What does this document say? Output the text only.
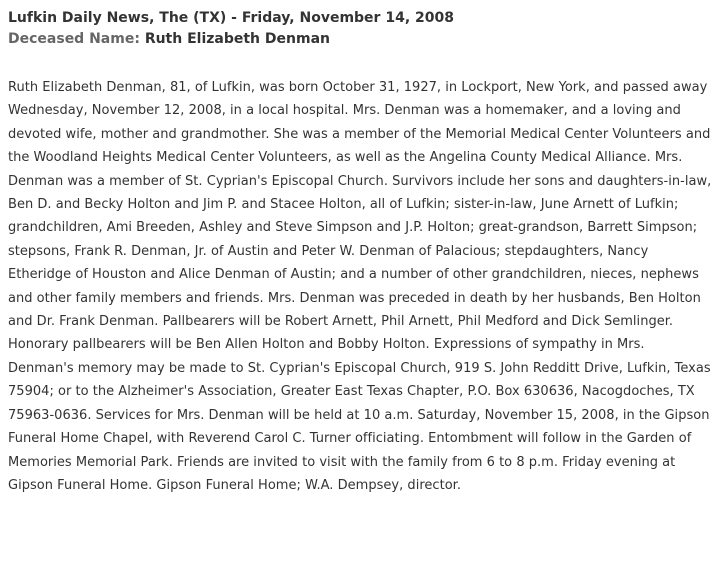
Lufkin Daily News, The (TX) - Friday, November 14, 2008
Deceased Name: Ruth Elizabeth Denman

Ruth Elizabeth Denman, 81, of Lufkin, was born October 31, 1927, in Lockport, New York, and passed away Wednesday, November 12, 2008, in a local hospital. Mrs. Denman was a homemaker, and a loving and devoted wife, mother and grandmother. She was a member of the Memorial Medical Center Volunteers and the Woodland Heights Medical Center Volunteers, as well as the Angelina County Medical Alliance. Mrs. Denman was a member of St. Cyprian's Episcopal Church. Survivors include her sons and daughters-in-law, Ben D. and Becky Holton and Jim P. and Stacee Holton, all of Lufkin; sister-in-law, June Arnett of Lufkin; grandchildren, Ami Breeden, Ashley and Steve Simpson and J.P. Holton; great-grandson, Barrett Simpson; stepsons, Frank R. Denman, Jr. of Austin and Peter W. Denman of Palacious; stepdaughters, Nancy Etheridge of Houston and Alice Denman of Austin; and a number of other grandchildren, nieces, nephews and other family members and friends. Mrs. Denman was preceded in death by her husbands, Ben Holton and Dr. Frank Denman. Pallbearers will be Robert Arnett, Phil Arnett, Phil Medford and Dick Semlinger. Honorary pallbearers will be Ben Allen Holton and Bobby Holton. Expressions of sympathy in Mrs. Denman's memory may be made to St. Cyprian's Episcopal Church, 919 S. John Redditt Drive, Lufkin, Texas 75904; or to the Alzheimer's Association, Greater East Texas Chapter, P.O. Box 630636, Nacogdoches, TX 75963-0636. Services for Mrs. Denman will be held at 10 a.m. Saturday, November 15, 2008, in the Gipson Funeral Home Chapel, with Reverend Carol C. Turner officiating. Entombment will follow in the Garden of Memories Memorial Park. Friends are invited to visit with the family from 6 to 8 p.m. Friday evening at Gipson Funeral Home. Gipson Funeral Home; W.A. Dempsey, director.
